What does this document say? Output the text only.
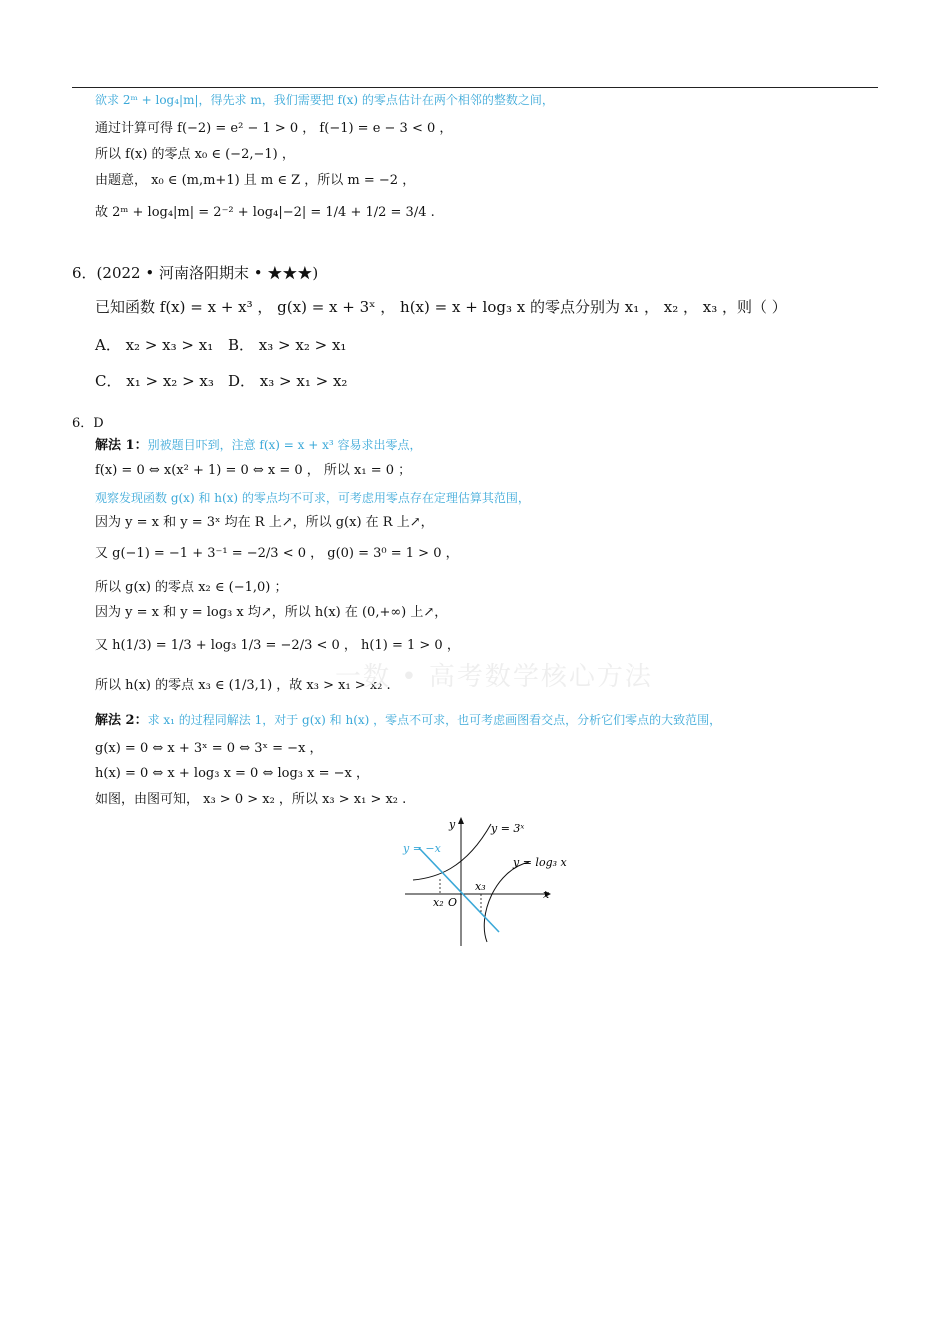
欲求 2ᵐ + log₄|m|，得先求 m，我们需要把 f(x) 的零点估计在两个相邻的整数之间，
通过计算可得 f(−2) = e² − 1 > 0 ， f(−1) = e − 3 < 0 ，
所以 f(x) 的零点 x₀ ∈ (−2,−1) ，
由题意， x₀ ∈ (m,m+1) 且 m ∈ Z ，所以 m = −2 ，
故 2ᵐ + log₄|m| = 2⁻² + log₄|−2| = 1/4 + 1/2 = 3/4 .
6．(2022 • 河南洛阳期末 • ★★★)
已知函数 f(x) = x + x³ ， g(x) = x + 3ˣ ， h(x) = x + log₃ x 的零点分别为 x₁ ， x₂ ， x₃ ，则（ ）
A． x₂ > x₃ > x₁ B． x₃ > x₂ > x₁
C． x₁ > x₂ > x₃ D． x₃ > x₁ > x₂
6．D
解法 1：别被题目吓到，注意 f(x) = x + x³ 容易求出零点，
f(x) = 0 ⇔ x(x² + 1) = 0 ⇔ x = 0 ， 所以 x₁ = 0 ；
观察发现函数 g(x) 和 h(x) 的零点均不可求，可考虑用零点存在定理估算其范围，
因为 y = x 和 y = 3ˣ 均在 R 上↗，所以 g(x) 在 R 上↗，
又 g(−1) = −1 + 3⁻¹ = −2/3 < 0 ， g(0) = 3⁰ = 1 > 0 ，
所以 g(x) 的零点 x₂ ∈ (−1,0) ；
因为 y = x 和 y = log₃ x 均↗，所以 h(x) 在 (0,+∞) 上↗，
又 h(1/3) = 1/3 + log₃ 1/3 = −2/3 < 0 ， h(1) = 1 > 0 ，
所以 h(x) 的零点 x₃ ∈ (1/3,1) ，故 x₃ > x₁ > x₂ .
一数 • 高考数学核心方法
解法 2：求 x₁ 的过程同解法 1，对于 g(x) 和 h(x) ，零点不可求，也可考虑画图看交点，分析它们零点的大致范围，
g(x) = 0 ⇔ x + 3ˣ = 0 ⇔ 3ˣ = −x ，
h(x) = 0 ⇔ x + log₃ x = 0 ⇔ log₃ x = −x ，
如图，由图可知， x₃ > 0 > x₂ ，所以 x₃ > x₁ > x₂ .
y
x
O
y = 3ˣ
y = −x
y = log₃ x
x₂
x₃
